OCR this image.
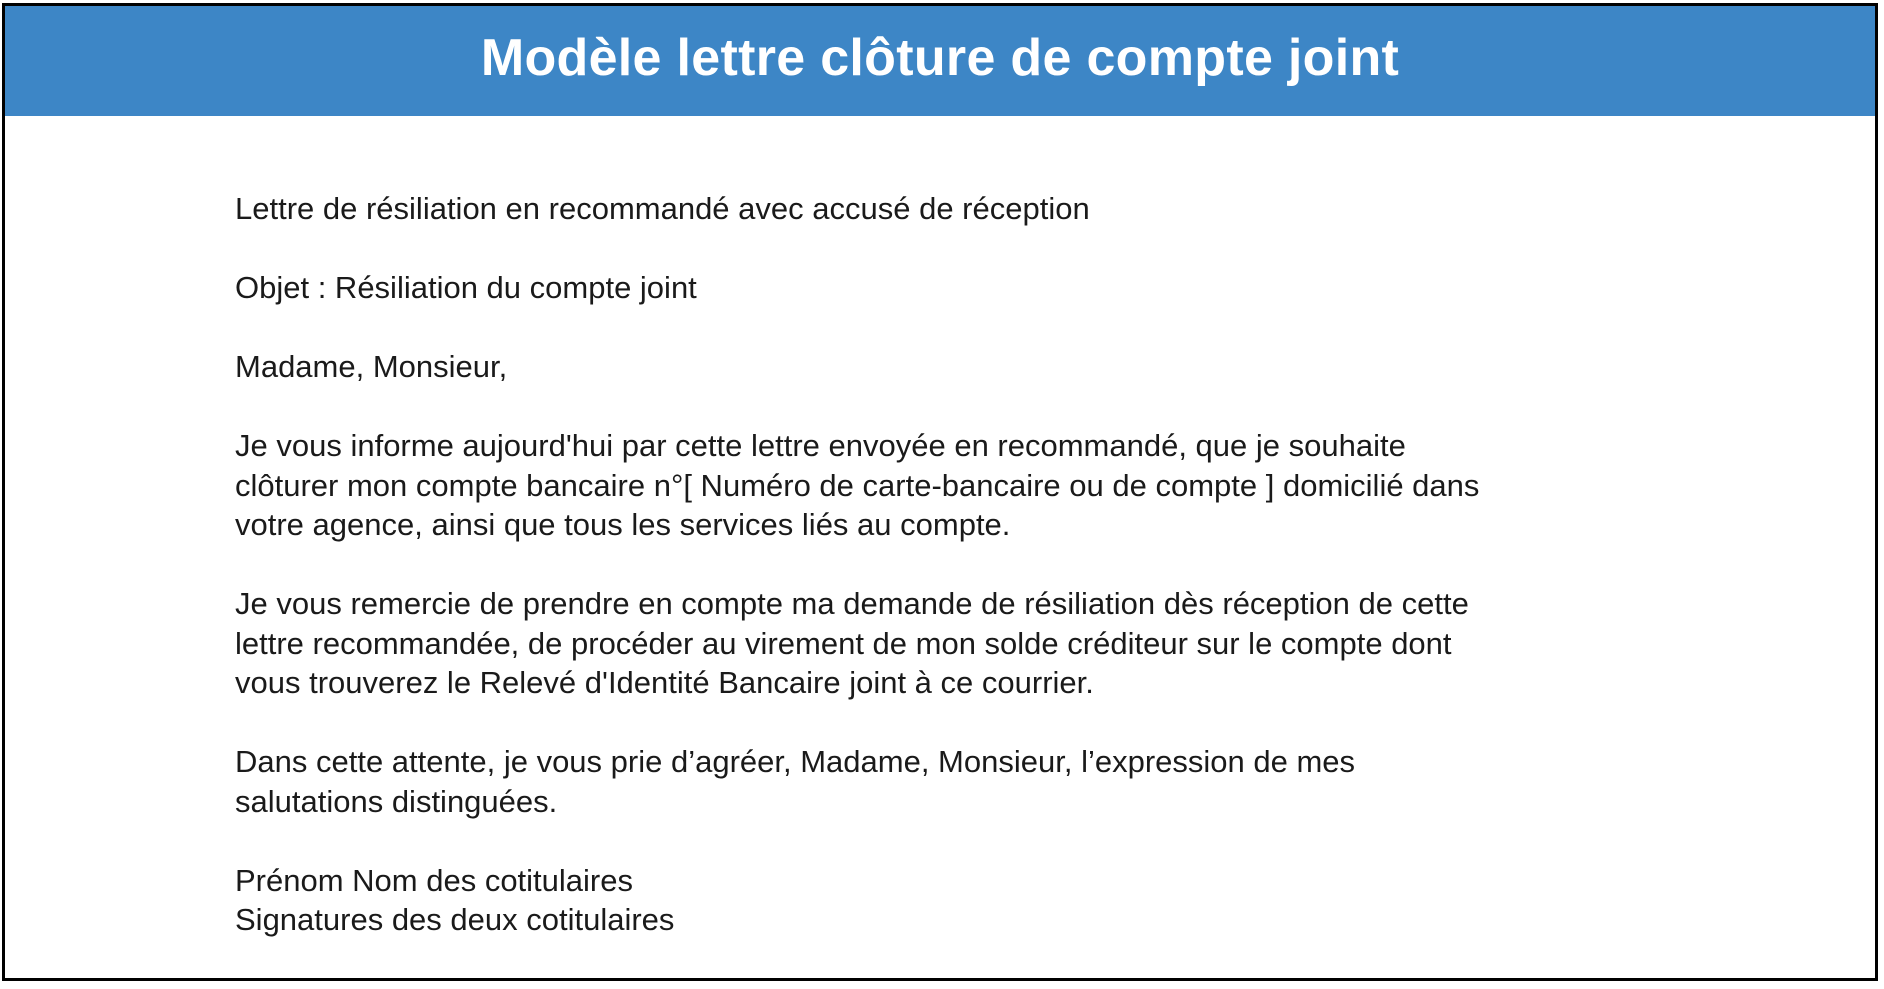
Modèle lettre clôture de compte joint

Lettre de résiliation en recommandé avec accusé de réception

Objet : Résiliation du compte joint

Madame, Monsieur,

Je vous informe aujourd'hui par cette lettre envoyée en recommandé, que je souhaite
clôturer mon compte bancaire n°[ Numéro de carte-bancaire ou de compte ] domicilié dans
votre agence, ainsi que tous les services liés au compte.

Je vous remercie de prendre en compte ma demande de résiliation dès réception de cette
lettre recommandée, de procéder au virement de mon solde créditeur sur le compte dont
vous trouverez le Relevé d'Identité Bancaire joint à ce courrier.

Dans cette attente, je vous prie d’agréer, Madame, Monsieur, l’expression de mes
salutations distinguées.

Prénom Nom des cotitulaires
Signatures des deux cotitulaires
